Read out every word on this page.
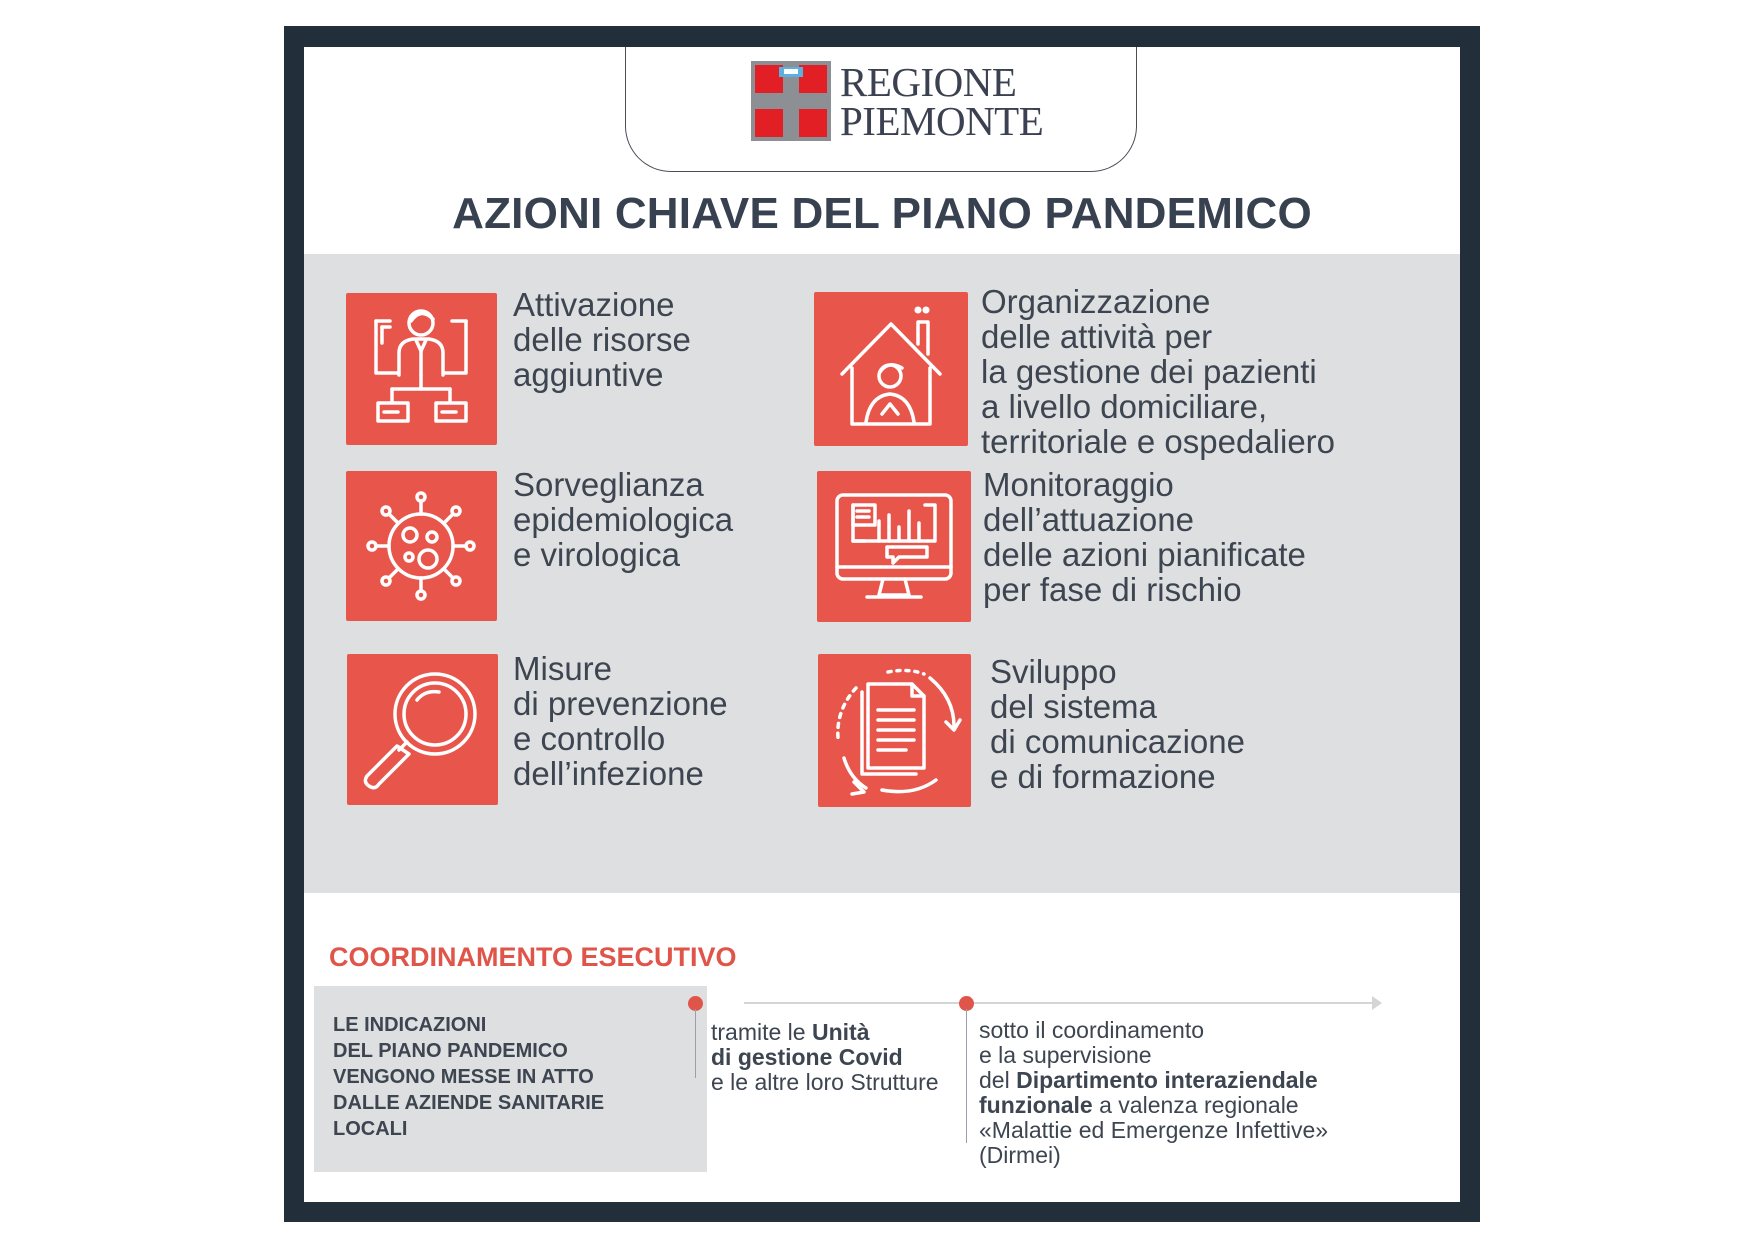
REGIONE
PIEMONTE
AZIONI CHIAVE DEL PIANO PANDEMICO
Attivazione
delle risorse
aggiuntive
Organizzazione
delle attività per
la gestione dei pazienti
a livello domiciliare,
territoriale e ospedaliero
Sorveglianza
epidemiologica
e virologica
Monitoraggio
dell’attuazione
delle azioni pianificate
per fase di rischio
Misure
di prevenzione
e controllo
dell’infezione
Sviluppo
del sistema
di comunicazione
e di formazione
COORDINAMENTO ESECUTIVO
LE INDICAZIONI
DEL PIANO PANDEMICO
VENGONO MESSE IN ATTO
DALLE AZIENDE SANITARIE
LOCALI
tramite le Unità
di gestione Covid
e le altre loro Strutture
sotto il coordinamento
e la supervisione
del Dipartimento interaziendale
funzionale a valenza regionale
«Malattie ed Emergenze Infettive»
(Dirmei)
